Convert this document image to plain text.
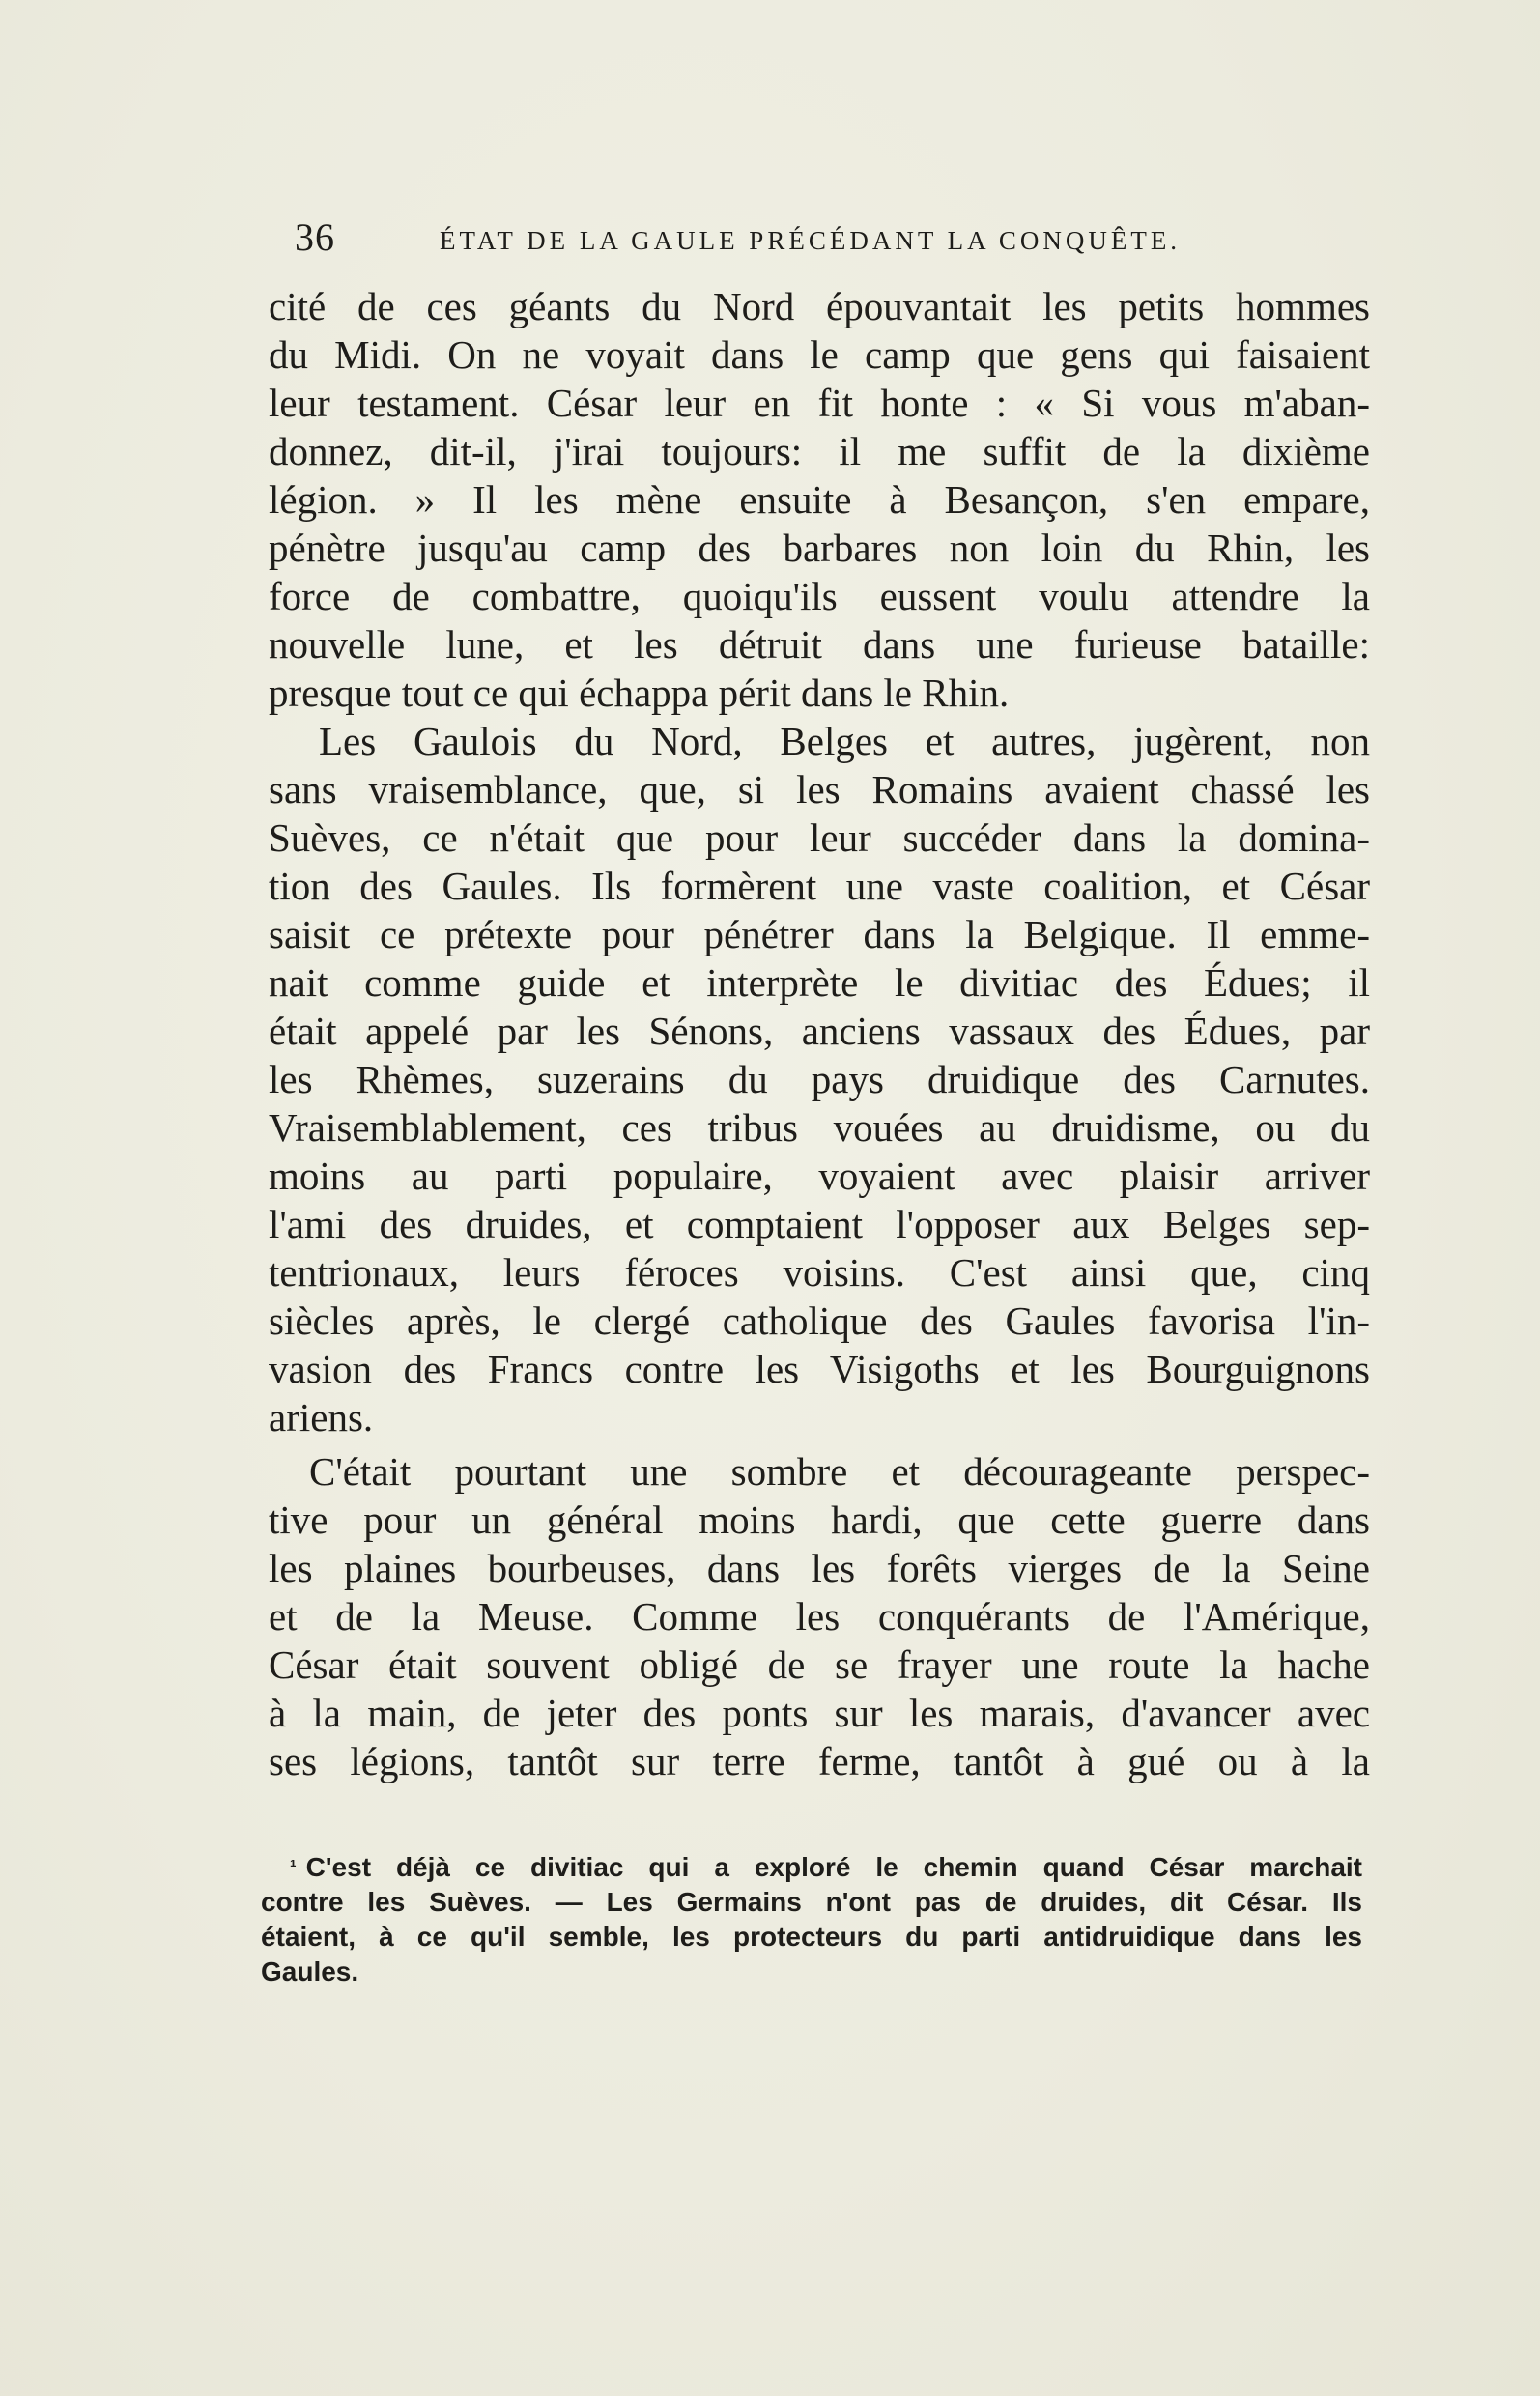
36	ÉTAT DE LA GAULE PRÉCÉDANT LA CONQUÊTE.
cité de ces géants du Nord épouvantait les petits hommes
du Midi. On ne voyait dans le camp que gens qui faisaient
leur testament. César leur en fit honte : « Si vous m'aban-
donnez, dit-il, j'irai toujours: il me suffit de la dixième
légion. » Il les mène ensuite à Besançon, s'en empare,
pénètre jusqu'au camp des barbares non loin du Rhin, les
force de combattre, quoiqu'ils eussent voulu attendre la
nouvelle lune, et les détruit dans une furieuse bataille:
presque tout ce qui échappa périt dans le Rhin.
Les Gaulois du Nord, Belges et autres, jugèrent, non
sans vraisemblance, que, si les Romains avaient chassé les
Suèves, ce n'était que pour leur succéder dans la domina-
tion des Gaules. Ils formèrent une vaste coalition, et César
saisit ce prétexte pour pénétrer dans la Belgique. Il emme-
nait comme guide et interprète le divitiac des Édues; il
était appelé par les Sénons, anciens vassaux des Édues, par
les Rhèmes, suzerains du pays druidique des Carnutes.
Vraisemblablement, ces tribus vouées au druidisme, ou du
moins au parti populaire, voyaient avec plaisir arriver
l'ami des druides, et comptaient l'opposer aux Belges sep-
tentrionaux, leurs féroces voisins. C'est ainsi que, cinq
siècles après, le clergé catholique des Gaules favorisa l'in-
vasion des Francs contre les Visigoths et les Bourguignons
ariens.
C'était pourtant une sombre et décourageante perspec-
tive pour un général moins hardi, que cette guerre dans
les plaines bourbeuses, dans les forêts vierges de la Seine
et de la Meuse. Comme les conquérants de l'Amérique,
César était souvent obligé de se frayer une route la hache
à la main, de jeter des ponts sur les marais, d'avancer avec
ses légions, tantôt sur terre ferme, tantôt à gué ou à la
$^{^1}$ C'est déjà ce divitiac qui a exploré le chemin quand César marchait
contre les Suèves. — Les Germains n'ont pas de druides, dit César. Ils
étaient, à ce qu'il semble, les protecteurs du parti antidruidique dans les
Gaules.
